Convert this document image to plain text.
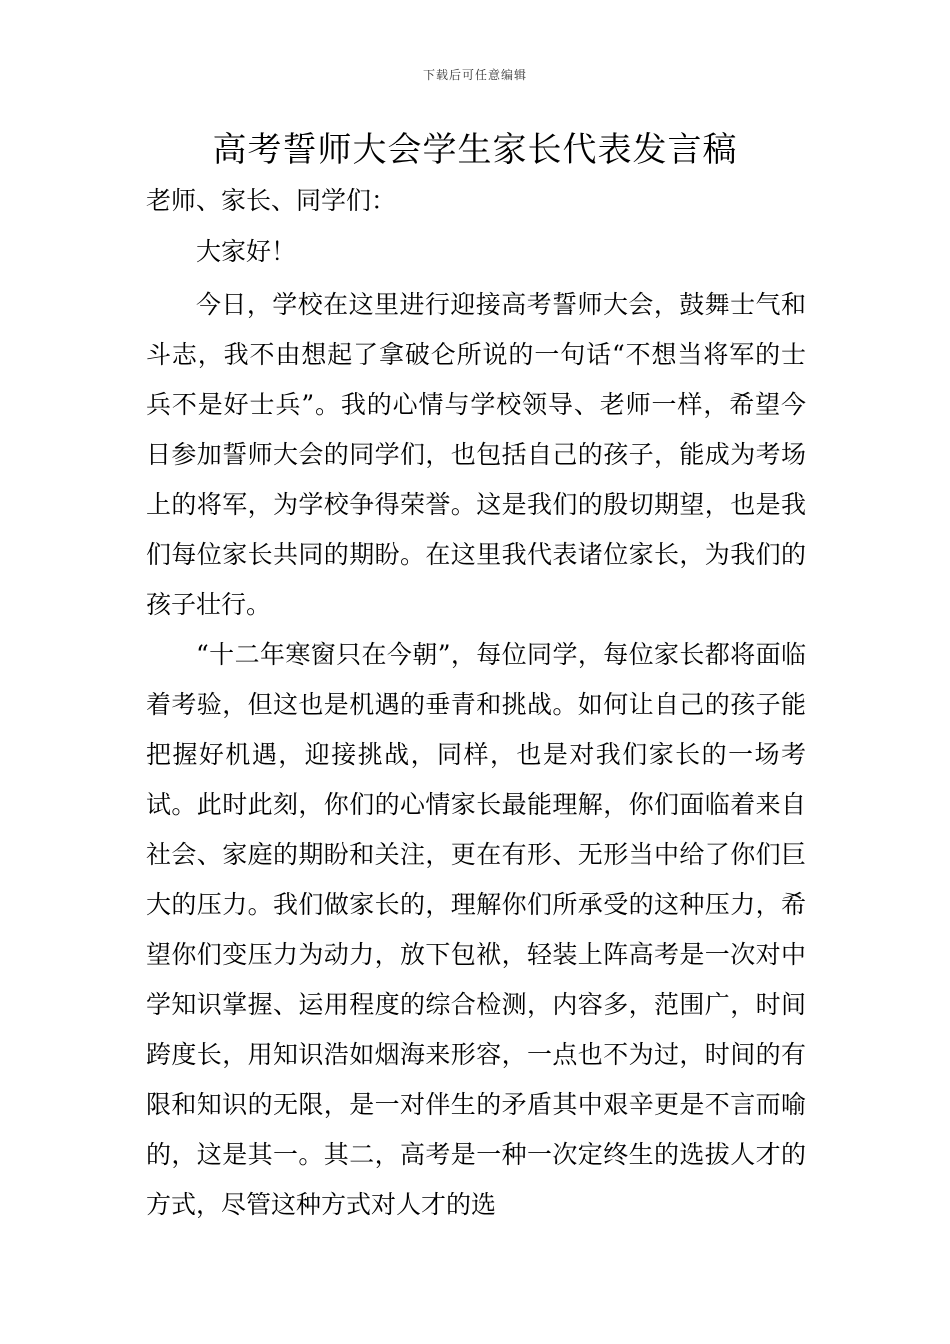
下载后可任意编辑
高考誓师大会学生家长代表发言稿

老师、家长、同学们：

大家好！

今日，学校在这里进行迎接高考誓师大会，鼓舞士气和斗志，我不由想起了拿破仑所说的一句话“不想当将军的士兵不是好士兵”。我的心情与学校领导、老师一样，希望今日参加誓师大会的同学们，也包括自己的孩子，能成为考场上的将军，为学校争得荣誉。这是我们的殷切期望，也是我们每位家长共同的期盼。在这里我代表诸位家长，为我们的孩子壮行。

“十二年寒窗只在今朝”，每位同学，每位家长都将面临着考验，但这也是机遇的垂青和挑战。如何让自己的孩子能把握好机遇，迎接挑战，同样，也是对我们家长的一场考试。此时此刻，你们的心情家长最能理解，你们面临着来自社会、家庭的期盼和关注，更在有形、无形当中给了你们巨大的压力。我们做家长的，理解你们所承受的这种压力，希望你们变压力为动力，放下包袱，轻装上阵高考是一次对中学知识掌握、运用程度的综合检测，内容多，范围广，时间跨度长，用知识浩如烟海来形容，一点也不为过，时间的有限和知识的无限，是一对伴生的矛盾其中艰辛更是不言而喻的，这是其一。其二，高考是一种一次定终生的选拔人才的方式，尽管这种方式对人才的选
